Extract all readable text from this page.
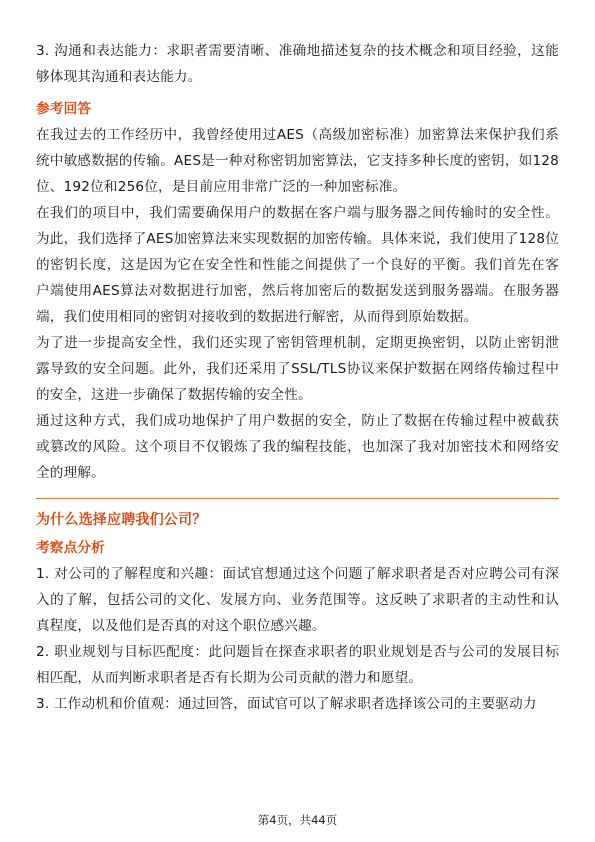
3. 沟通和表达能力：求职者需要清晰、准确地描述复杂的技术概念和项目经验，这能够体现其沟通和表达能力。

参考回答

在我过去的工作经历中，我曾经使用过AES（高级加密标准）加密算法来保护我们系统中敏感数据的传输。AES是一种对称密钥加密算法，它支持多种长度的密钥，如128位、192位和256位，是目前应用非常广泛的一种加密标准。

在我们的项目中，我们需要确保用户的数据在客户端与服务器之间传输时的安全性。为此，我们选择了AES加密算法来实现数据的加密传输。具体来说，我们使用了128位的密钥长度，这是因为它在安全性和性能之间提供了一个良好的平衡。我们首先在客户端使用AES算法对数据进行加密，然后将加密后的数据发送到服务器端。在服务器端，我们使用相同的密钥对接收到的数据进行解密，从而得到原始数据。

为了进一步提高安全性，我们还实现了密钥管理机制，定期更换密钥，以防止密钥泄露导致的安全问题。此外，我们还采用了SSL/TLS协议来保护数据在网络传输过程中的安全，这进一步确保了数据传输的安全性。

通过这种方式，我们成功地保护了用户数据的安全，防止了数据在传输过程中被截获或篡改的风险。这个项目不仅锻炼了我的编程技能，也加深了我对加密技术和网络安全的理解。

为什么选择应聘我们公司？

考察点分析

1. 对公司的了解程度和兴趣：面试官想通过这个问题了解求职者是否对应聘公司有深入的了解，包括公司的文化、发展方向、业务范围等。这反映了求职者的主动性和认真程度，以及他们是否真的对这个职位感兴趣。

2. 职业规划与目标匹配度：此问题旨在探查求职者的职业规划是否与公司的发展目标相匹配，从而判断求职者是否有长期为公司贡献的潜力和愿望。

3. 工作动机和价值观：通过回答，面试官可以了解求职者选择该公司的主要驱动力

第4页，共44页
